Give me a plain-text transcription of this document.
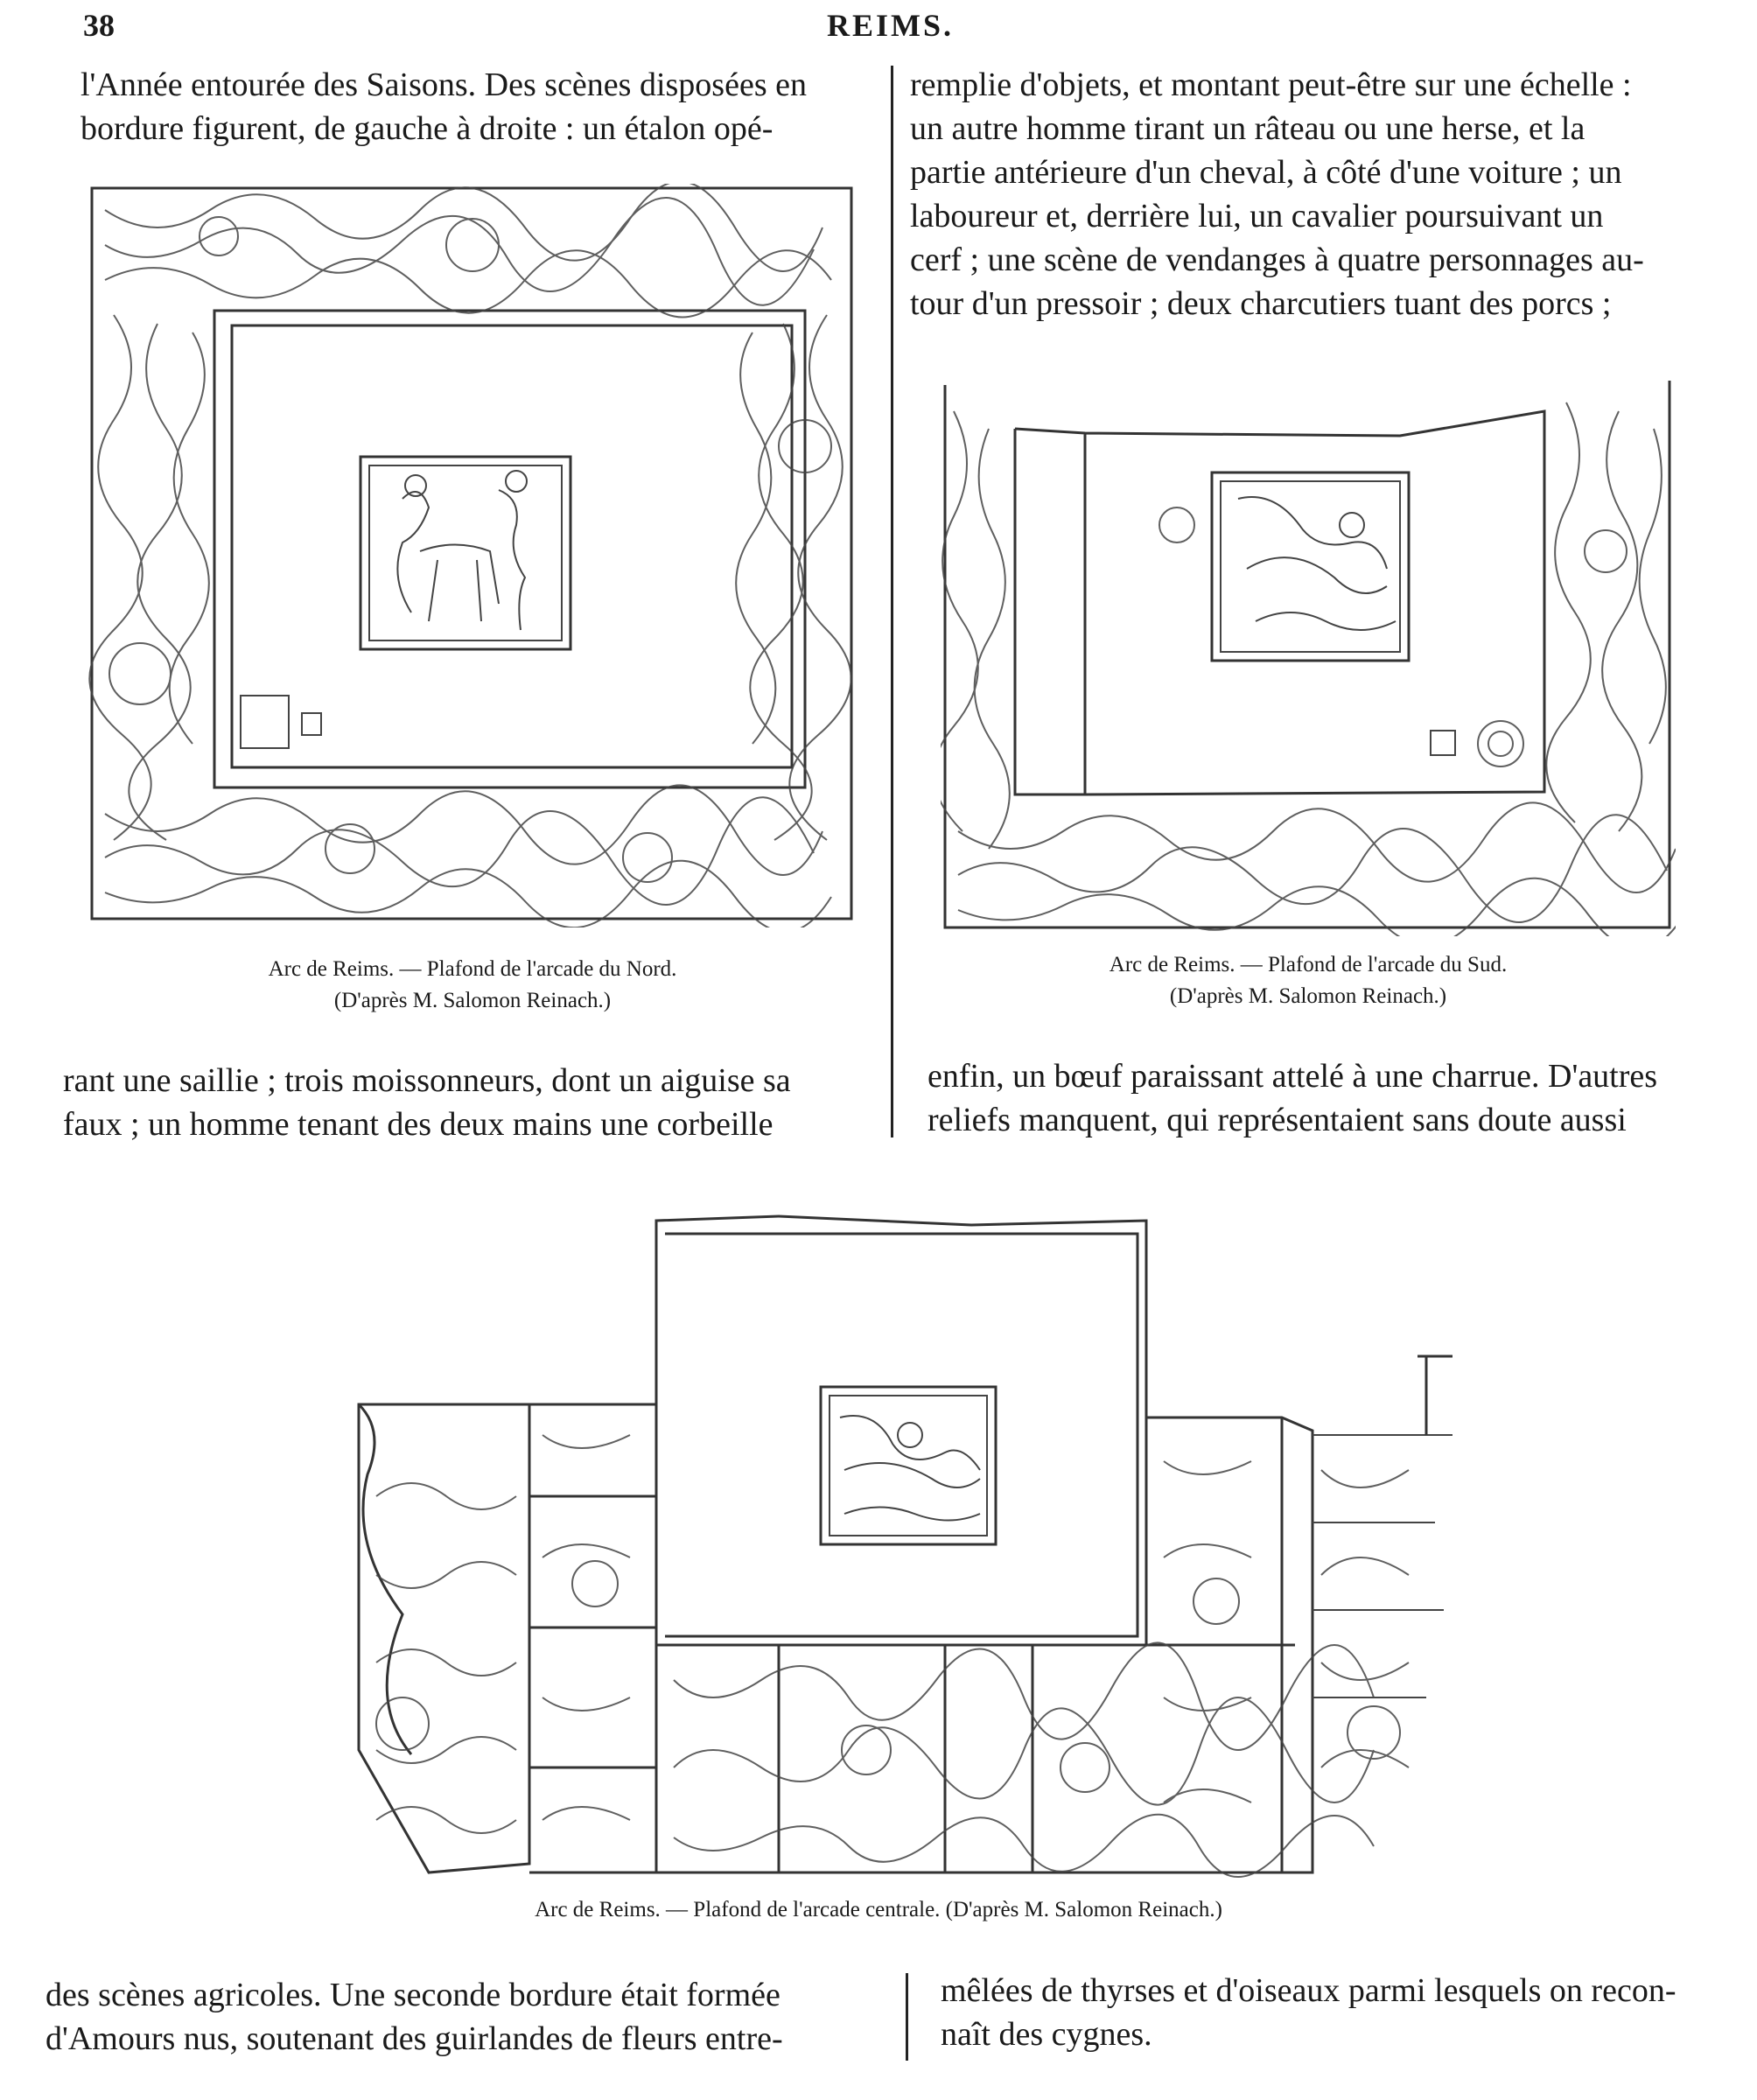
38	REIMS.
l'Année entourée des Saisons. Des scènes disposées en
bordure figurent, de gauche à droite : un étalon opé-
remplie d'objets, et montant peut-être sur une échelle :
un autre homme tirant un râteau ou une herse, et la
partie antérieure d'un cheval, à côté d'une voiture ; un
laboureur et, derrière lui, un cavalier poursuivant un
cerf ; une scène de vendanges à quatre personnages au-
tour d'un pressoir ; deux charcutiers tuant des porcs ;
Arc de Reims. — Plafond de l'arcade du Nord.
(D'après M. Salomon Reinach.)
Arc de Reims. — Plafond de l'arcade du Sud.
(D'après M. Salomon Reinach.)
rant une saillie ; trois moissonneurs, dont un aiguise sa
faux ; un homme tenant des deux mains une corbeille
enfin, un bœuf paraissant attelé à une charrue. D'autres
reliefs manquent, qui représentaient sans doute aussi
Arc de Reims. — Plafond de l'arcade centrale. (D'après M. Salomon Reinach.)
des scènes agricoles. Une seconde bordure était formée
d'Amours nus, soutenant des guirlandes de fleurs entre-
mêlées de thyrses et d'oiseaux parmi lesquels on recon-
naît des cygnes.
